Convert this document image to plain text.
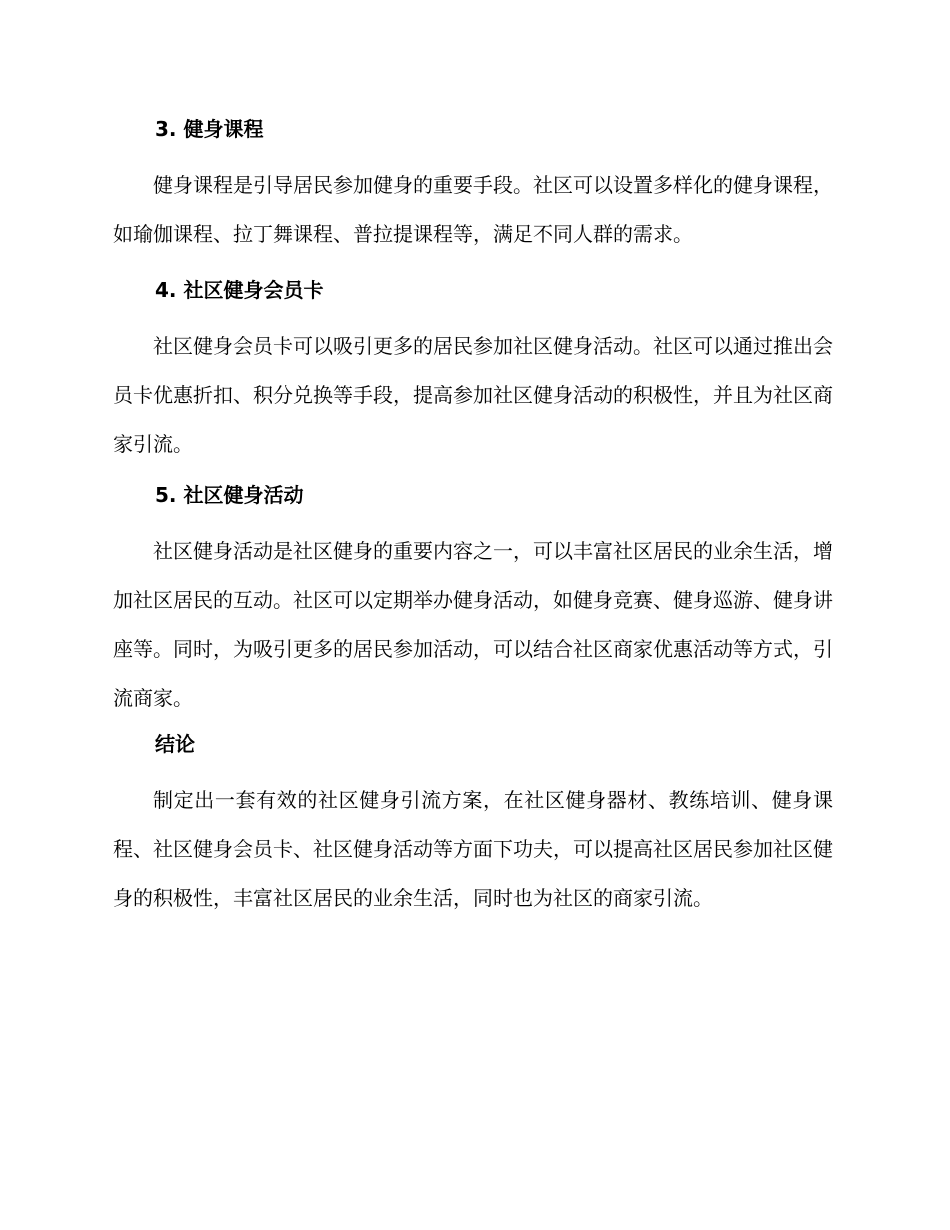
3. 健身课程

健身课程是引导居民参加健身的重要手段。社区可以设置多样化的健身课程，如瑜伽课程、拉丁舞课程、普拉提课程等，满足不同人群的需求。

4. 社区健身会员卡

社区健身会员卡可以吸引更多的居民参加社区健身活动。社区可以通过推出会员卡优惠折扣、积分兑换等手段，提高参加社区健身活动的积极性，并且为社区商家引流。

5. 社区健身活动

社区健身活动是社区健身的重要内容之一，可以丰富社区居民的业余生活，增加社区居民的互动。社区可以定期举办健身活动，如健身竞赛、健身巡游、健身讲座等。同时，为吸引更多的居民参加活动，可以结合社区商家优惠活动等方式，引流商家。

结论

制定出一套有效的社区健身引流方案，在社区健身器材、教练培训、健身课程、社区健身会员卡、社区健身活动等方面下功夫，可以提高社区居民参加社区健身的积极性，丰富社区居民的业余生活，同时也为社区的商家引流。
